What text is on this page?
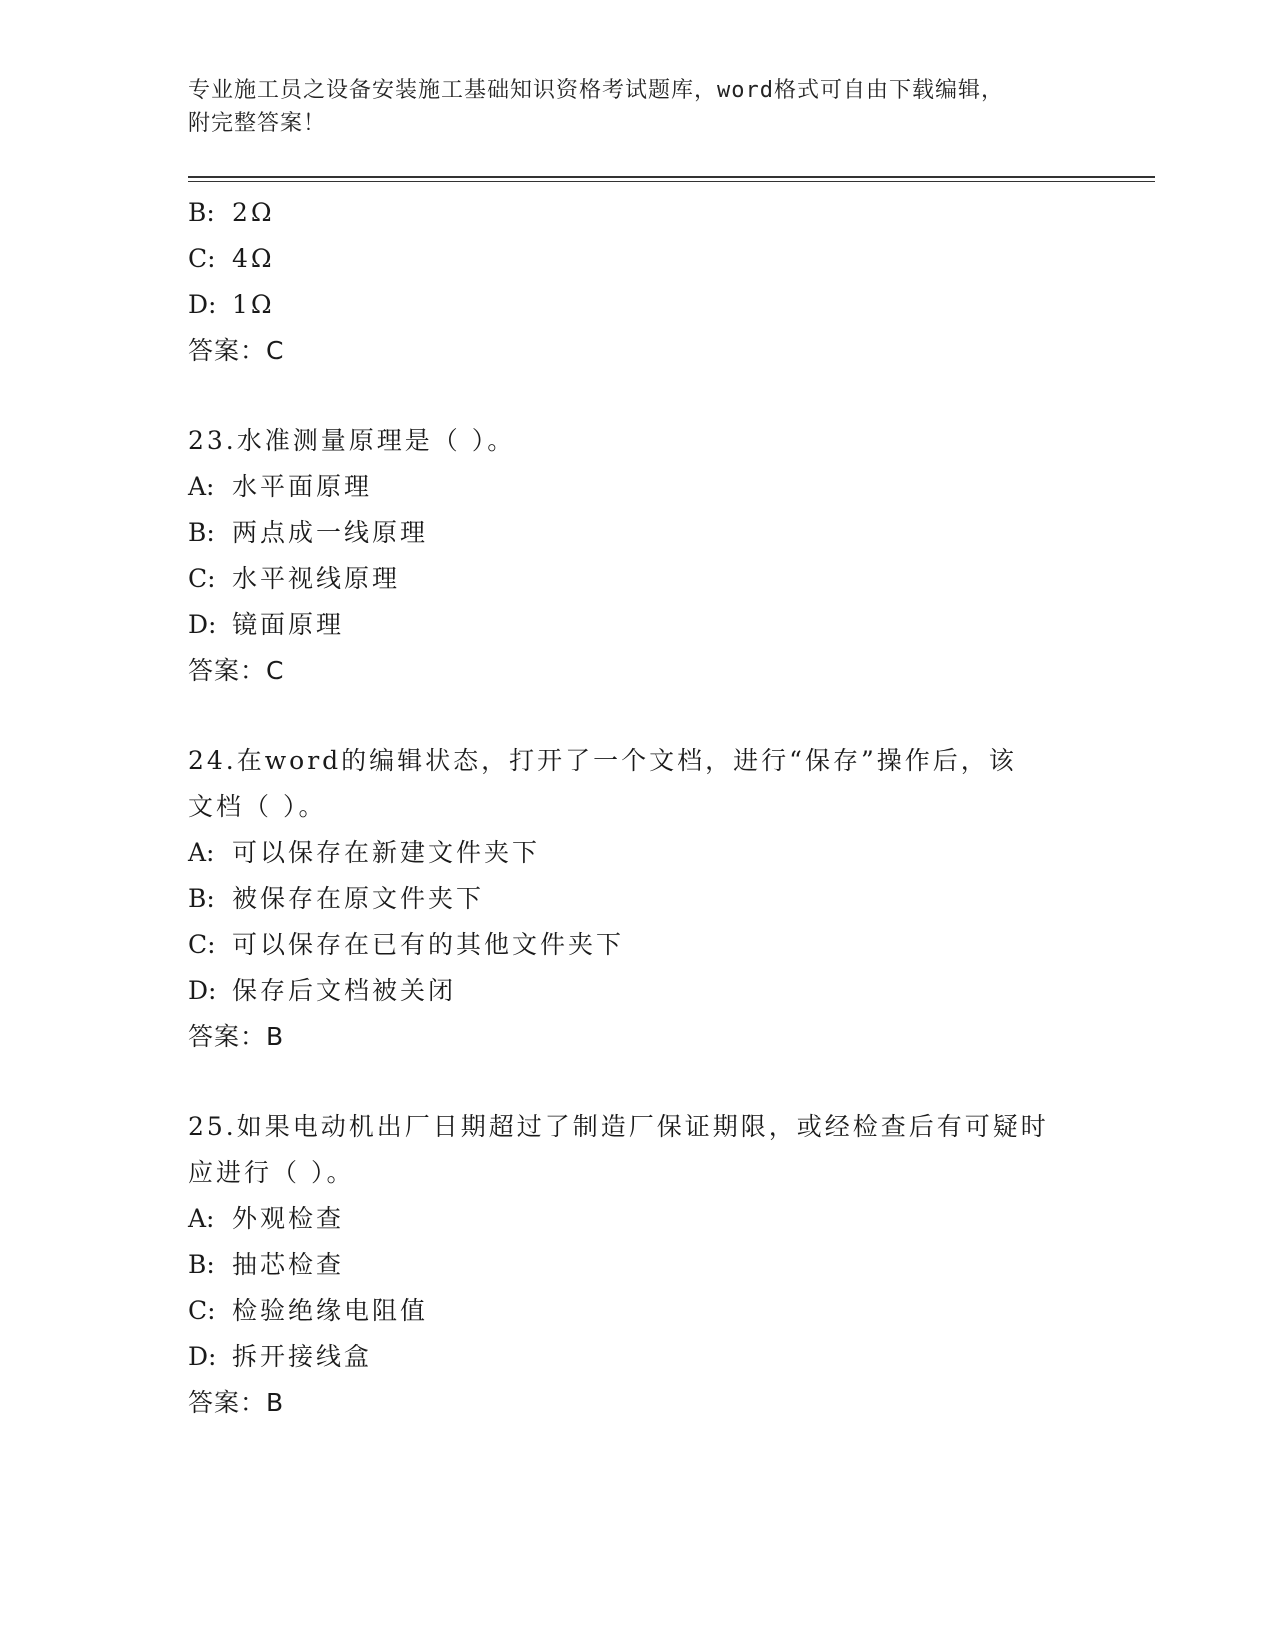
专业施工员之设备安装施工基础知识资格考试题库，word格式可自由下载编辑，
附完整答案！
B: 2Ω
C: 4Ω
D: 1Ω
答案：C
23.水准测量原理是（ ）。
A: 水平面原理
B: 两点成一线原理
C: 水平视线原理
D: 镜面原理
答案：C
24.在word的编辑状态，打开了一个文档，进行“保存”操作后，该
文档（ ）。
A: 可以保存在新建文件夹下
B: 被保存在原文件夹下
C: 可以保存在已有的其他文件夹下
D: 保存后文档被关闭
答案：B
25.如果电动机出厂日期超过了制造厂保证期限，或经检查后有可疑时
应进行（ ）。
A: 外观检查
B: 抽芯检查
C: 检验绝缘电阻值
D: 拆开接线盒
答案：B
